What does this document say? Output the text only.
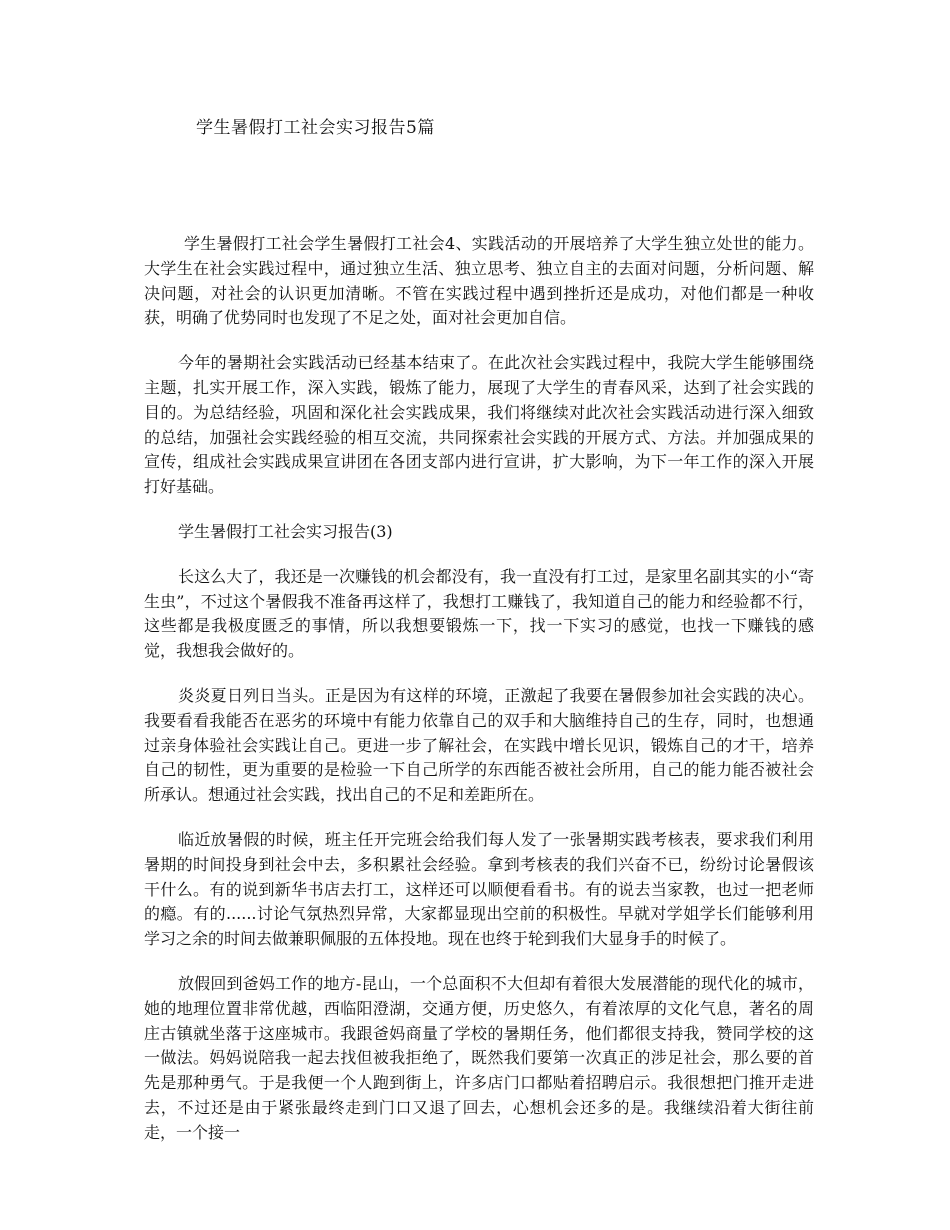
学生暑假打工社会实习报告5篇

学生暑假打工社会学生暑假打工社会4、实践活动的开展培养了大学生独立处世的能力。大学生在社会实践过程中，通过独立生活、独立思考、独立自主的去面对问题，分析问题、解决问题，对社会的认识更加清晰。不管在实践过程中遇到挫折还是成功，对他们都是一种收获，明确了优势同时也发现了不足之处，面对社会更加自信。

今年的暑期社会实践活动已经基本结束了。在此次社会实践过程中，我院大学生能够围绕主题，扎实开展工作，深入实践，锻炼了能力，展现了大学生的青春风采，达到了社会实践的目的。为总结经验，巩固和深化社会实践成果，我们将继续对此次社会实践活动进行深入细致的总结，加强社会实践经验的相互交流，共同探索社会实践的开展方式、方法。并加强成果的宣传，组成社会实践成果宣讲团在各团支部内进行宣讲，扩大影响，为下一年工作的深入开展打好基础。

学生暑假打工社会实习报告(3)

长这么大了，我还是一次赚钱的机会都没有，我一直没有打工过，是家里名副其实的小“寄生虫”，不过这个暑假我不准备再这样了，我想打工赚钱了，我知道自己的能力和经验都不行，这些都是我极度匮乏的事情，所以我想要锻炼一下，找一下实习的感觉，也找一下赚钱的感觉，我想我会做好的。

炎炎夏日列日当头。正是因为有这样的环境，正激起了我要在暑假参加社会实践的决心。我要看看我能否在恶劣的环境中有能力依靠自己的双手和大脑维持自己的生存，同时，也想通过亲身体验社会实践让自己。更进一步了解社会，在实践中增长见识，锻炼自己的才干，培养自己的韧性，更为重要的是检验一下自己所学的东西能否被社会所用，自己的能力能否被社会所承认。想通过社会实践，找出自己的不足和差距所在。

临近放暑假的时候，班主任开完班会给我们每人发了一张暑期实践考核表，要求我们利用暑期的时间投身到社会中去，多积累社会经验。拿到考核表的我们兴奋不已，纷纷讨论暑假该干什么。有的说到新华书店去打工，这样还可以顺便看看书。有的说去当家教，也过一把老师的瘾。有的......讨论气氛热烈异常，大家都显现出空前的积极性。早就对学姐学长们能够利用学习之余的时间去做兼职佩服的五体投地。现在也终于轮到我们大显身手的时候了。

放假回到爸妈工作的地方-昆山，一个总面积不大但却有着很大发展潜能的现代化的城市，她的地理位置非常优越，西临阳澄湖，交通方便，历史悠久，有着浓厚的文化气息，著名的周庄古镇就坐落于这座城市。我跟爸妈商量了学校的暑期任务，他们都很支持我，赞同学校的这一做法。妈妈说陪我一起去找但被我拒绝了，既然我们要第一次真正的涉足社会，那么要的首先是那种勇气。于是我便一个人跑到街上，许多店门口都贴着招聘启示。我很想把门推开走进去，不过还是由于紧张最终走到门口又退了回去，心想机会还多的是。我继续沿着大街往前走，一个接一
